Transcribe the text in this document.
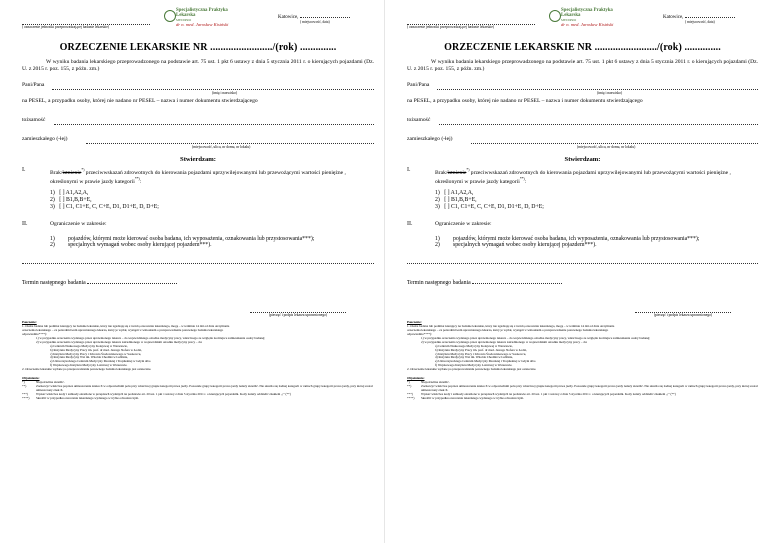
( oznaczenie jednostki przeprowadzającej badanie lekarskie)
Specjalistyczna Praktyka Lekarska
MEDIPRO
dr n. med. Jarosław Kisiński
Katowice,
( miejscowość, data)
ORZECZENIE LEKARSKIE NR ......................../(rok) ..............
W wyniku badania lekarskiego przeprowadzonego na podstawie art. 75 ust. 1 pkt 6 ustawy z dnia 5 stycznia 2011 r. o kierujących pojazdami (Dz. U. z 2015 r. poz. 155, z późn. zm.)
Pani/Pana
(imię i nazwisko)
na PESEL, a przypadku osoby, której nie nadano nr PESEL – nazwa i numer dokumentu stwierdzającego
tożsamość
zamieszkałego (-łej)
(miejscowość, ulica, nr domu, nr lokalu)
Stwierdzam:
I.	Brak/istnienie*) przeciwwskazań zdrowotnych do kierowania pojazdami uprzywilejowanymi lub przewożącymi wartości pieniężne , określonymi w prawie jazdy kategorii**):
1) [ ] A1,A2,A,
2) [ ] B1,B,B+E,
3) [ ] C1, C1+E, C, C+E, D1, D1+E, D, D+E;
II.	Ograniczenie w zakresie:
1)	pojazdów, którymi może kierować osoba badana, ich wyposażenia, oznakowania lub przystosowania***);
2)	specjalnych wymagań wobec osoby kierującej pojazdem***).
Termin następnego badania
(pieczęć i podpis lekarza uprawnionego)
Pouczenie:
1. Osoba badana lub podmiot kierujący na badanie lekarskie, który nie zgadzają się z treścią orzeczenia lekarskiego, mogą – w terminie 14 dni od dnia otrzymania
orzeczenia lekarskiego – za pośrednictwem uprawnionego lekarza, który je wydał, wystąpić z wnioskiem o przeprowadzenie ponownego badania lekarskiego
odpowiednio****):
1) w przypadku orzeczenia wydanego przez uprawnionego lekarza – do wojewódzkiego ośrodka medycyny pracy, właściwego ze względu na miejsce zamieszkania osoby badanej;
2) w przypadku orzeczenia wydanego przez uprawnionego lekarza zatrudnionego w wojewódzkim ośrodku medycyny pracy – do:
a) Centrum Naukowego Medycyny Kolejowej w Warszawie,
b) Instytutu Medycyny Pracy im. prof. dr med. Jerzego Nofera w Łodzi,
c) Instytutu Medycyny Pracy i Zdrowia Środowiskowego w Sosnowcu,
d) Instytutu Medycyny Wsi im. Witolda Chodźki w Lublinie,
e) Uniwersyteckiego Centrum Medycyny Morskiej i Tropikalnej w Gdyni albo
f) Wojskowego Instytutu Medycyny Lotniczej w Warszawie.
2. Orzeczenie lekarskie wydane po przeprowadzeniu ponownego badania lekarskiego jest ostateczne.
Objaśnienia:
*)	Niepotrzebne skreślić.
**)	Zaznaczyć właściwe poprzez umieszczenie znaku X w odpowiednim polu przy właściwej grupie kategorii prawa jazdy. Pozostałe grupy kategorii prawa jazdy należy skreślić. Nie skreśla się żadnej kategorii w ramach grupy kategorii prawa jazdy, przy której został umieszczony znak X.
***)	Wpisać właściwe kody i subkody określone w przepisach wydanych na podstawie art. 20 ust. 1 pkt 1 ustawy z dnia 5 stycznia 2011 r. o kierujących pojazdami. Kody należy oddzielić znakiem „;” (**)
****)	Skreślić w przypadku orzeczenia lekarskiego wydanego w trybie odwoławczym.
( oznaczenie jednostki przeprowadzającej badanie lekarskie)
Specjalistyczna Praktyka Lekarska
MEDIPRO
dr n. med. Jarosław Kisiński
Katowice,
( miejscowość, data)
ORZECZENIE LEKARSKIE NR ......................../(rok) ..............
W wyniku badania lekarskiego przeprowadzonego na podstawie art. 75 ust. 1 pkt 6 ustawy z dnia 5 stycznia 2011 r. o kierujących pojazdami (Dz. U. z 2015 r. poz. 155, z późn. zm.)
Pani/Pana
(imię i nazwisko)
na PESEL, a przypadku osoby, której nie nadano nr PESEL – nazwa i numer dokumentu stwierdzającego
tożsamość
zamieszkałego (-łej)
(miejscowość, ulica, nr domu, nr lokalu)
Stwierdzam:
I.	Brak/istnienie*) przeciwwskazań zdrowotnych do kierowania pojazdami uprzywilejowanymi lub przewożącymi wartości pieniężne , określonymi w prawie jazdy kategorii**):
1) [ ] A1,A2,A,
2) [ ] B1,B,B+E,
3) [ ] C1, C1+E, C, C+E, D1, D1+E, D, D+E;
II.	Ograniczenie w zakresie:
1)	pojazdów, którymi może kierować osoba badana, ich wyposażenia, oznakowania lub przystosowania***);
2)	specjalnych wymagań wobec osoby kierującej pojazdem***).
Termin następnego badania
(pieczęć i podpis lekarza uprawnionego)
Pouczenie:
1. Osoba badana lub podmiot kierujący na badanie lekarskie, który nie zgadzają się z treścią orzeczenia lekarskiego, mogą – w terminie 14 dni od dnia otrzymania
orzeczenia lekarskiego – za pośrednictwem uprawnionego lekarza, który je wydał, wystąpić z wnioskiem o przeprowadzenie ponownego badania lekarskiego
odpowiednio****):
1) w przypadku orzeczenia wydanego przez uprawnionego lekarza – do wojewódzkiego ośrodka medycyny pracy, właściwego ze względu na miejsce zamieszkania osoby badanej;
2) w przypadku orzeczenia wydanego przez uprawnionego lekarza zatrudnionego w wojewódzkim ośrodku medycyny pracy – do:
a) Centrum Naukowego Medycyny Kolejowej w Warszawie,
b) Instytutu Medycyny Pracy im. prof. dr med. Jerzego Nofera w Łodzi,
c) Instytutu Medycyny Pracy i Zdrowia Środowiskowego w Sosnowcu,
d) Instytutu Medycyny Wsi im. Witolda Chodźki w Lublinie,
e) Uniwersyteckiego Centrum Medycyny Morskiej i Tropikalnej w Gdyni albo
f) Wojskowego Instytutu Medycyny Lotniczej w Warszawie.
2. Orzeczenie lekarskie wydane po przeprowadzeniu ponownego badania lekarskiego jest ostateczne.
Objaśnienia:
*)	Niepotrzebne skreślić.
**)	Zaznaczyć właściwe poprzez umieszczenie znaku X w odpowiednim polu przy właściwej grupie kategorii prawa jazdy. Pozostałe grupy kategorii prawa jazdy należy skreślić. Nie skreśla się żadnej kategorii w ramach grupy kategorii prawa jazdy, przy której został umieszczony znak X.
***)	Wpisać właściwe kody i subkody określone w przepisach wydanych na podstawie art. 20 ust. 1 pkt 1 ustawy z dnia 5 stycznia 2011 r. o kierujących pojazdami. Kody należy oddzielić znakiem „;” (**)
****)	Skreślić w przypadku orzeczenia lekarskiego wydanego w trybie odwoławczym.
